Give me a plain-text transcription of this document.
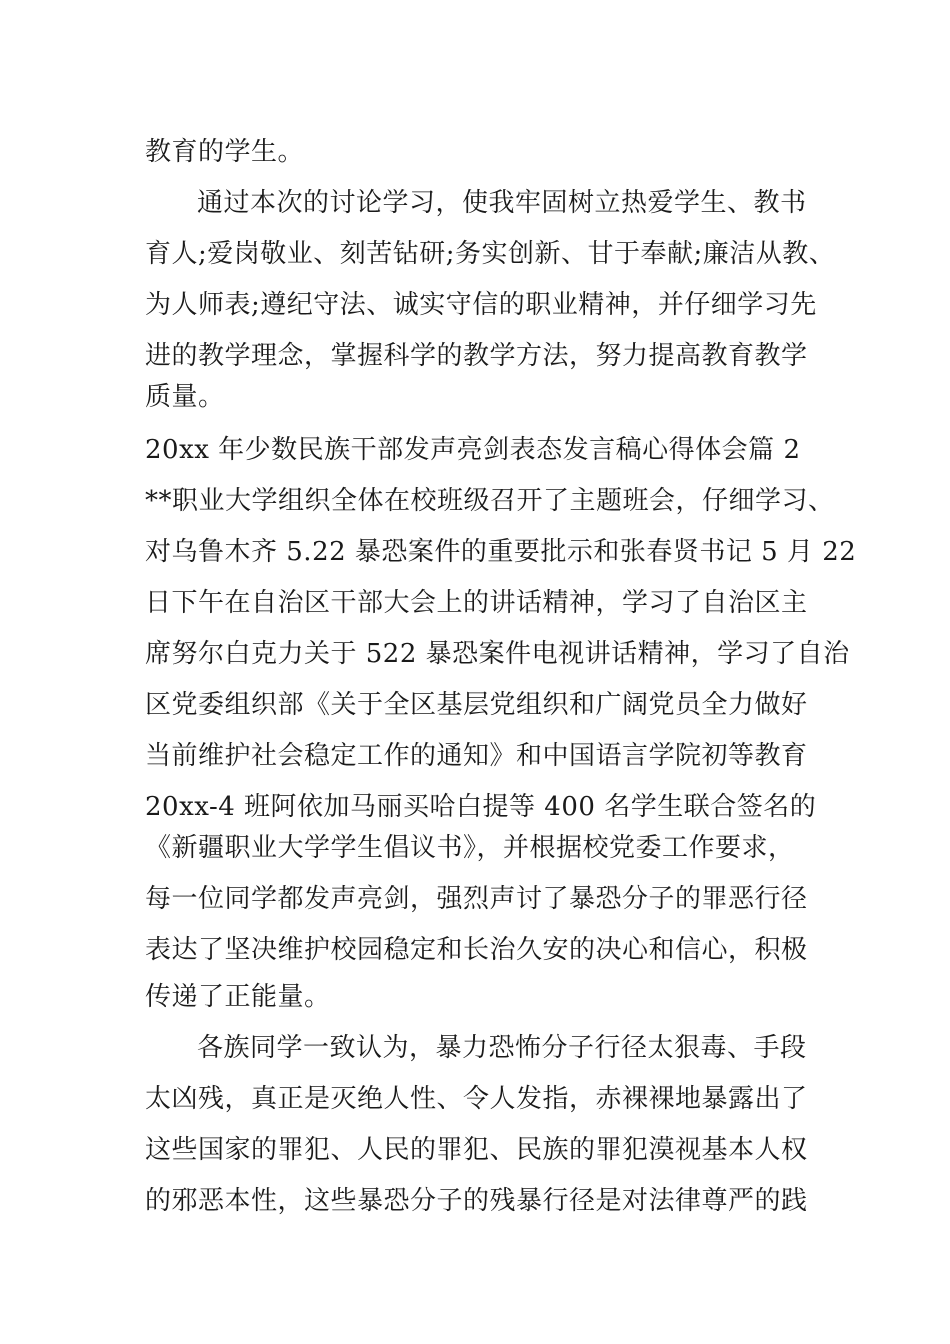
教育的学生。
通过本次的讨论学习，使我牢固树立热爱学生、教书
育人;爱岗敬业、刻苦钻研;务实创新、甘于奉献;廉洁从教、
为人师表;遵纪守法、诚实守信的职业精神，并仔细学习先
进的教学理念，掌握科学的教学方法，努力提高教育教学
质量。
20xx 年少数民族干部发声亮剑表态发言稿心得体会篇 2
**职业大学组织全体在校班级召开了主题班会，仔细学习、
对乌鲁木齐 5.22 暴恐案件的重要批示和张春贤书记 5 月 22
日下午在自治区干部大会上的讲话精神，学习了自治区主
席努尔白克力关于 522 暴恐案件电视讲话精神，学习了自治
区党委组织部《关于全区基层党组织和广阔党员全力做好
当前维护社会稳定工作的通知》和中国语言学院初等教育
20xx-4 班阿依加马丽买哈白提等 400 名学生联合签名的
《新疆职业大学学生倡议书》，并根据校党委工作要求，
每一位同学都发声亮剑，强烈声讨了暴恐分子的罪恶行径
表达了坚决维护校园稳定和长治久安的决心和信心，积极
传递了正能量。
各族同学一致认为，暴力恐怖分子行径太狠毒、手段
太凶残，真正是灭绝人性、令人发指，赤裸裸地暴露出了
这些国家的罪犯、人民的罪犯、民族的罪犯漠视基本人权
的邪恶本性，这些暴恐分子的残暴行径是对法律尊严的践
